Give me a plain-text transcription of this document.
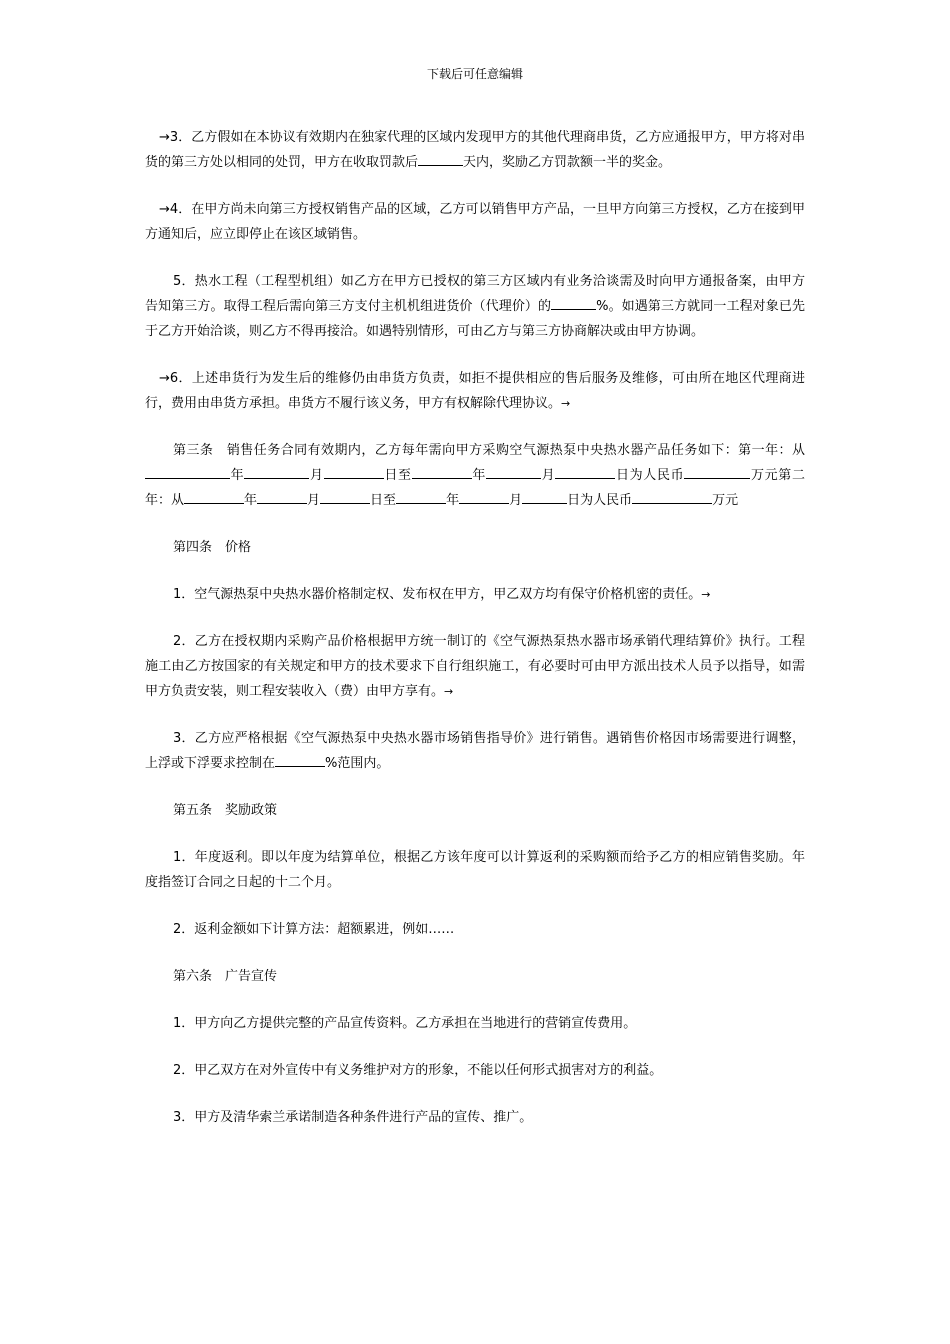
下载后可任意编辑

→3．乙方假如在本协议有效期内在独家代理的区域内发现甲方的其他代理商串货，乙方应通报甲方，甲方将对串货的第三方处以相同的处罚，甲方在收取罚款后	天内，奖励乙方罚款额一半的奖金。

→4．在甲方尚未向第三方授权销售产品的区域，乙方可以销售甲方产品，一旦甲方向第三方授权，乙方在接到甲方通知后，应立即停止在该区域销售。

5．热水工程（工程型机组）如乙方在甲方已授权的第三方区域内有业务洽谈需及时向甲方通报备案，由甲方告知第三方。取得工程后需向第三方支付主机机组进货价（代理价）的	%。如遇第三方就同一工程对象已先于乙方开始洽谈，则乙方不得再接洽。如遇特别情形，可由乙方与第三方协商解决或由甲方协调。

→6．上述串货行为发生后的维修仍由串货方负责，如拒不提供相应的售后服务及维修，可由所在地区代理商进行，费用由串货方承担。串货方不履行该义务，甲方有权解除代理协议。→

第三条　销售任务合同有效期内，乙方每年需向甲方采购空气源热泵中央热水器产品任务如下：第一年：从年	月	日至	年	月	日为人民币	万元第二年：从	年	月	日至	年	月	日为人民币	万元

第四条　价格

1．空气源热泵中央热水器价格制定权、发布权在甲方，甲乙双方均有保守价格机密的责任。→

2．乙方在授权期内采购产品价格根据甲方统一制订的《空气源热泵热水器市场承销代理结算价》执行。工程施工由乙方按国家的有关规定和甲方的技术要求下自行组织施工，有必要时可由甲方派出技术人员予以指导，如需甲方负责安装，则工程安装收入（费）由甲方享有。→

3．乙方应严格根据《空气源热泵中央热水器市场销售指导价》进行销售。遇销售价格因市场需要进行调整，上浮或下浮要求控制在	%范围内。

第五条　奖励政策

1．年度返利。即以年度为结算单位，根据乙方该年度可以计算返利的采购额而给予乙方的相应销售奖励。年度指签订合同之日起的十二个月。

2．返利金额如下计算方法：超额累进，例如……

第六条　广告宣传

1．甲方向乙方提供完整的产品宣传资料。乙方承担在当地进行的营销宣传费用。

2．甲乙双方在对外宣传中有义务维护对方的形象，不能以任何形式损害对方的利益。

3．甲方及清华索兰承诺制造各种条件进行产品的宣传、推广。
